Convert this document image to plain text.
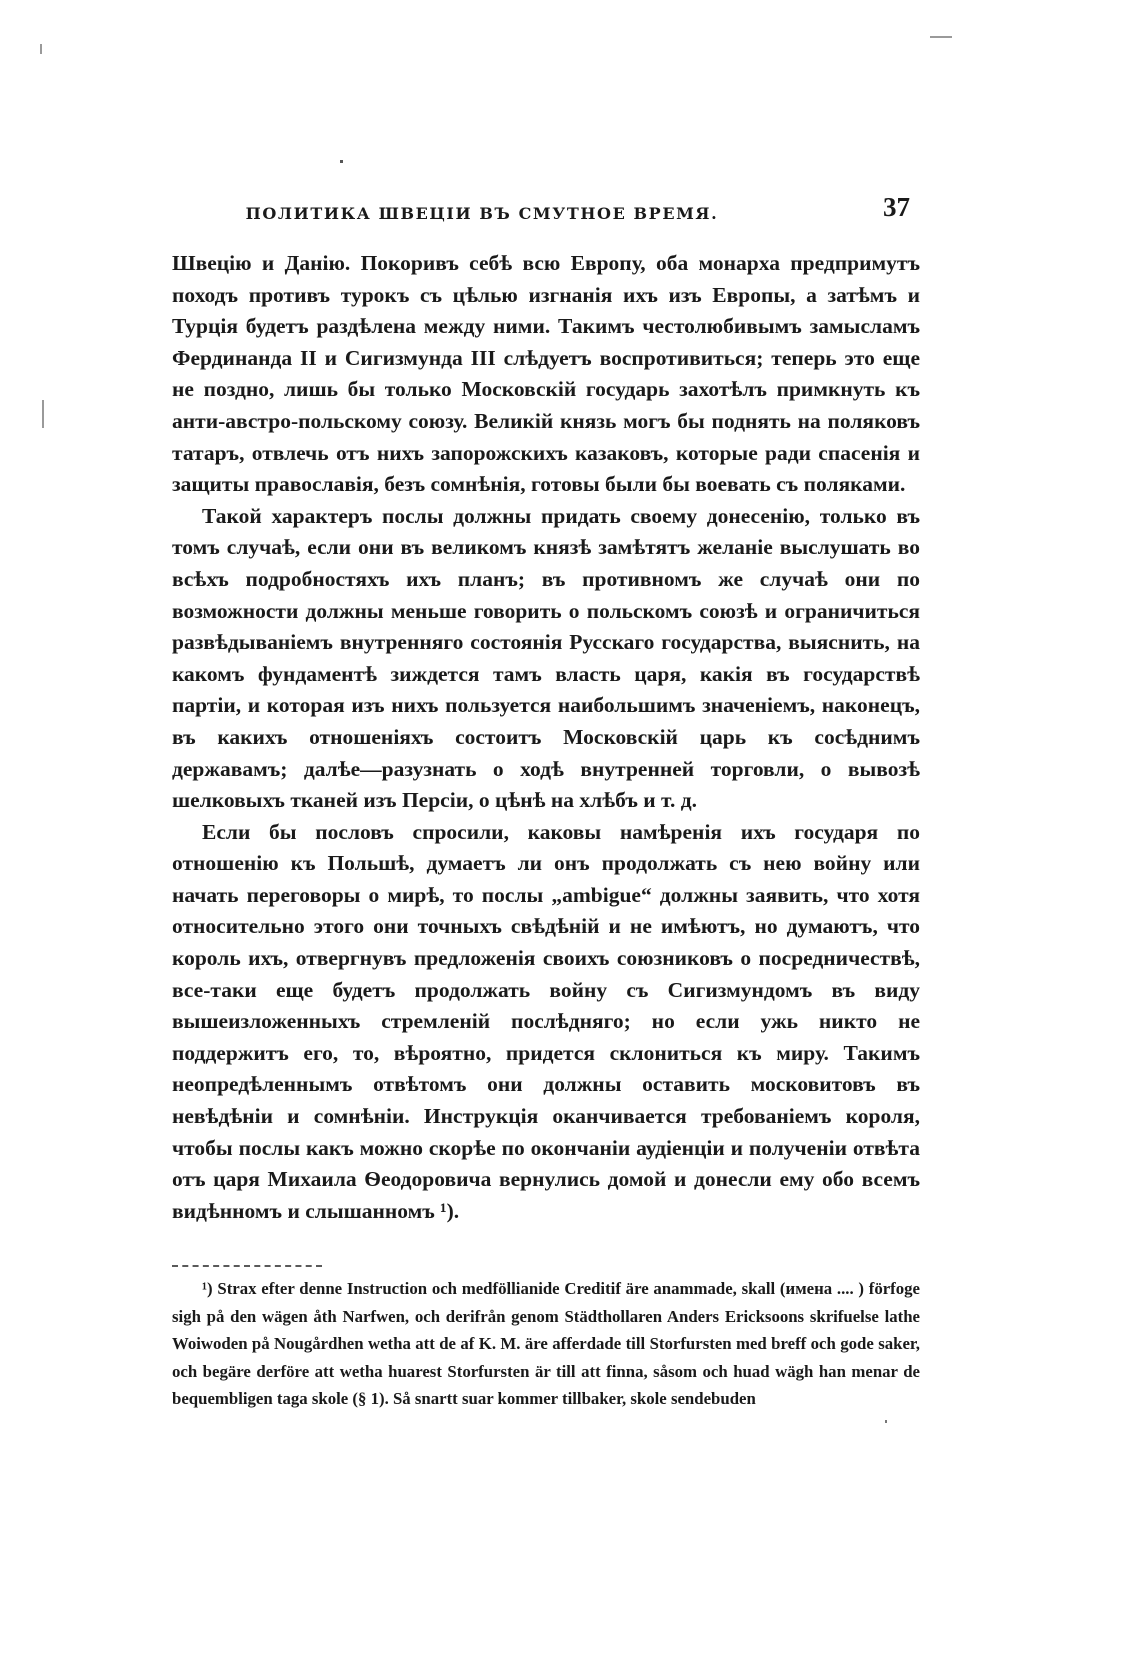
ПОЛИТИКА ШВЕЦІИ ВЪ СМУТНОЕ ВРЕМЯ.	37

Швецію и Данію. Покоривъ себѣ всю Европу, оба монарха предпримутъ походъ противъ турокъ съ цѣлью изгнанія ихъ изъ Европы, а затѣмъ и Турція будетъ раздѣлена между ними. Такимъ честолюбивымъ замысламъ Фердинанда II и Сигизмунда III слѣдуетъ воспротивиться; теперь это еще не поздно, лишь бы только Московскій государь захотѣлъ примкнуть къ анти-австро-польскому союзу. Великій князь могъ бы поднять на поляковъ татаръ, отвлечь отъ нихъ запорожскихъ казаковъ, которые ради спасенія и защиты православія, безъ сомнѣнія, готовы были бы воевать съ поляками.

Такой характеръ послы должны придать своему донесенію, только въ томъ случаѣ, если они въ великомъ князѣ замѣтятъ желаніе выслушать во всѣхъ подробностяхъ ихъ планъ; въ противномъ же случаѣ они по возможности должны меньше говорить о польскомъ союзѣ и ограничиться развѣдываніемъ внутренняго состоянія Русскаго государства, выяснить, на какомъ фундаментѣ зиждется тамъ власть царя, какія въ государствѣ партіи, и которая изъ нихъ пользуется наибольшимъ значеніемъ, наконецъ, въ какихъ отношеніяхъ состоитъ Московскій царь къ сосѣднимъ державамъ; далѣе—разузнать о ходѣ внутренней торговли, о вывозѣ шелковыхъ тканей изъ Персіи, о цѣнѣ на хлѣбъ и т. д.

Если бы пословъ спросили, каковы намѣренія ихъ государя по отношенію къ Польшѣ, думаетъ ли онъ продолжать съ нею войну или начать переговоры о мирѣ, то послы „ambigue“ должны заявить, что хотя относительно этого они точныхъ свѣдѣній и не имѣютъ, но думаютъ, что король ихъ, отвергнувъ предложенія своихъ союзниковъ о посредничествѣ, все-таки еще будетъ продолжать войну съ Сигизмундомъ въ виду вышеизложенныхъ стремленій послѣдняго; но если ужь никто не поддержитъ его, то, вѣроятно, придется склониться къ миру. Такимъ неопредѣленнымъ отвѣтомъ они должны оставить московитовъ въ невѣдѣніи и сомнѣніи. Инструкція оканчивается требованіемъ короля, чтобы послы какъ можно скорѣе по окончаніи аудіенціи и полученіи отвѣта отъ царя Михаила Ѳеодоровича вернулись домой и донесли ему обо всемъ видѣнномъ и слышанномъ ¹).

¹) Strax efter denne Instruction och medföllianide Creditif äre anammade, skall (имена .... ) förfoge sigh på den wägen åth Narfwen, och derifrån genom Städthollaren Anders Ericksoons skrifuelse lathe Woiwoden på Nougårdhen wetha att de af K. M. äre afferdade till Storfursten med breff och gode saker, och begäre derföre att wetha huarest Storfursten är till att finna, såsom och huad wägh han menar de bequembligen taga skole (§ 1). Så snartt suar kommer tillbaker, skole sendebuden
